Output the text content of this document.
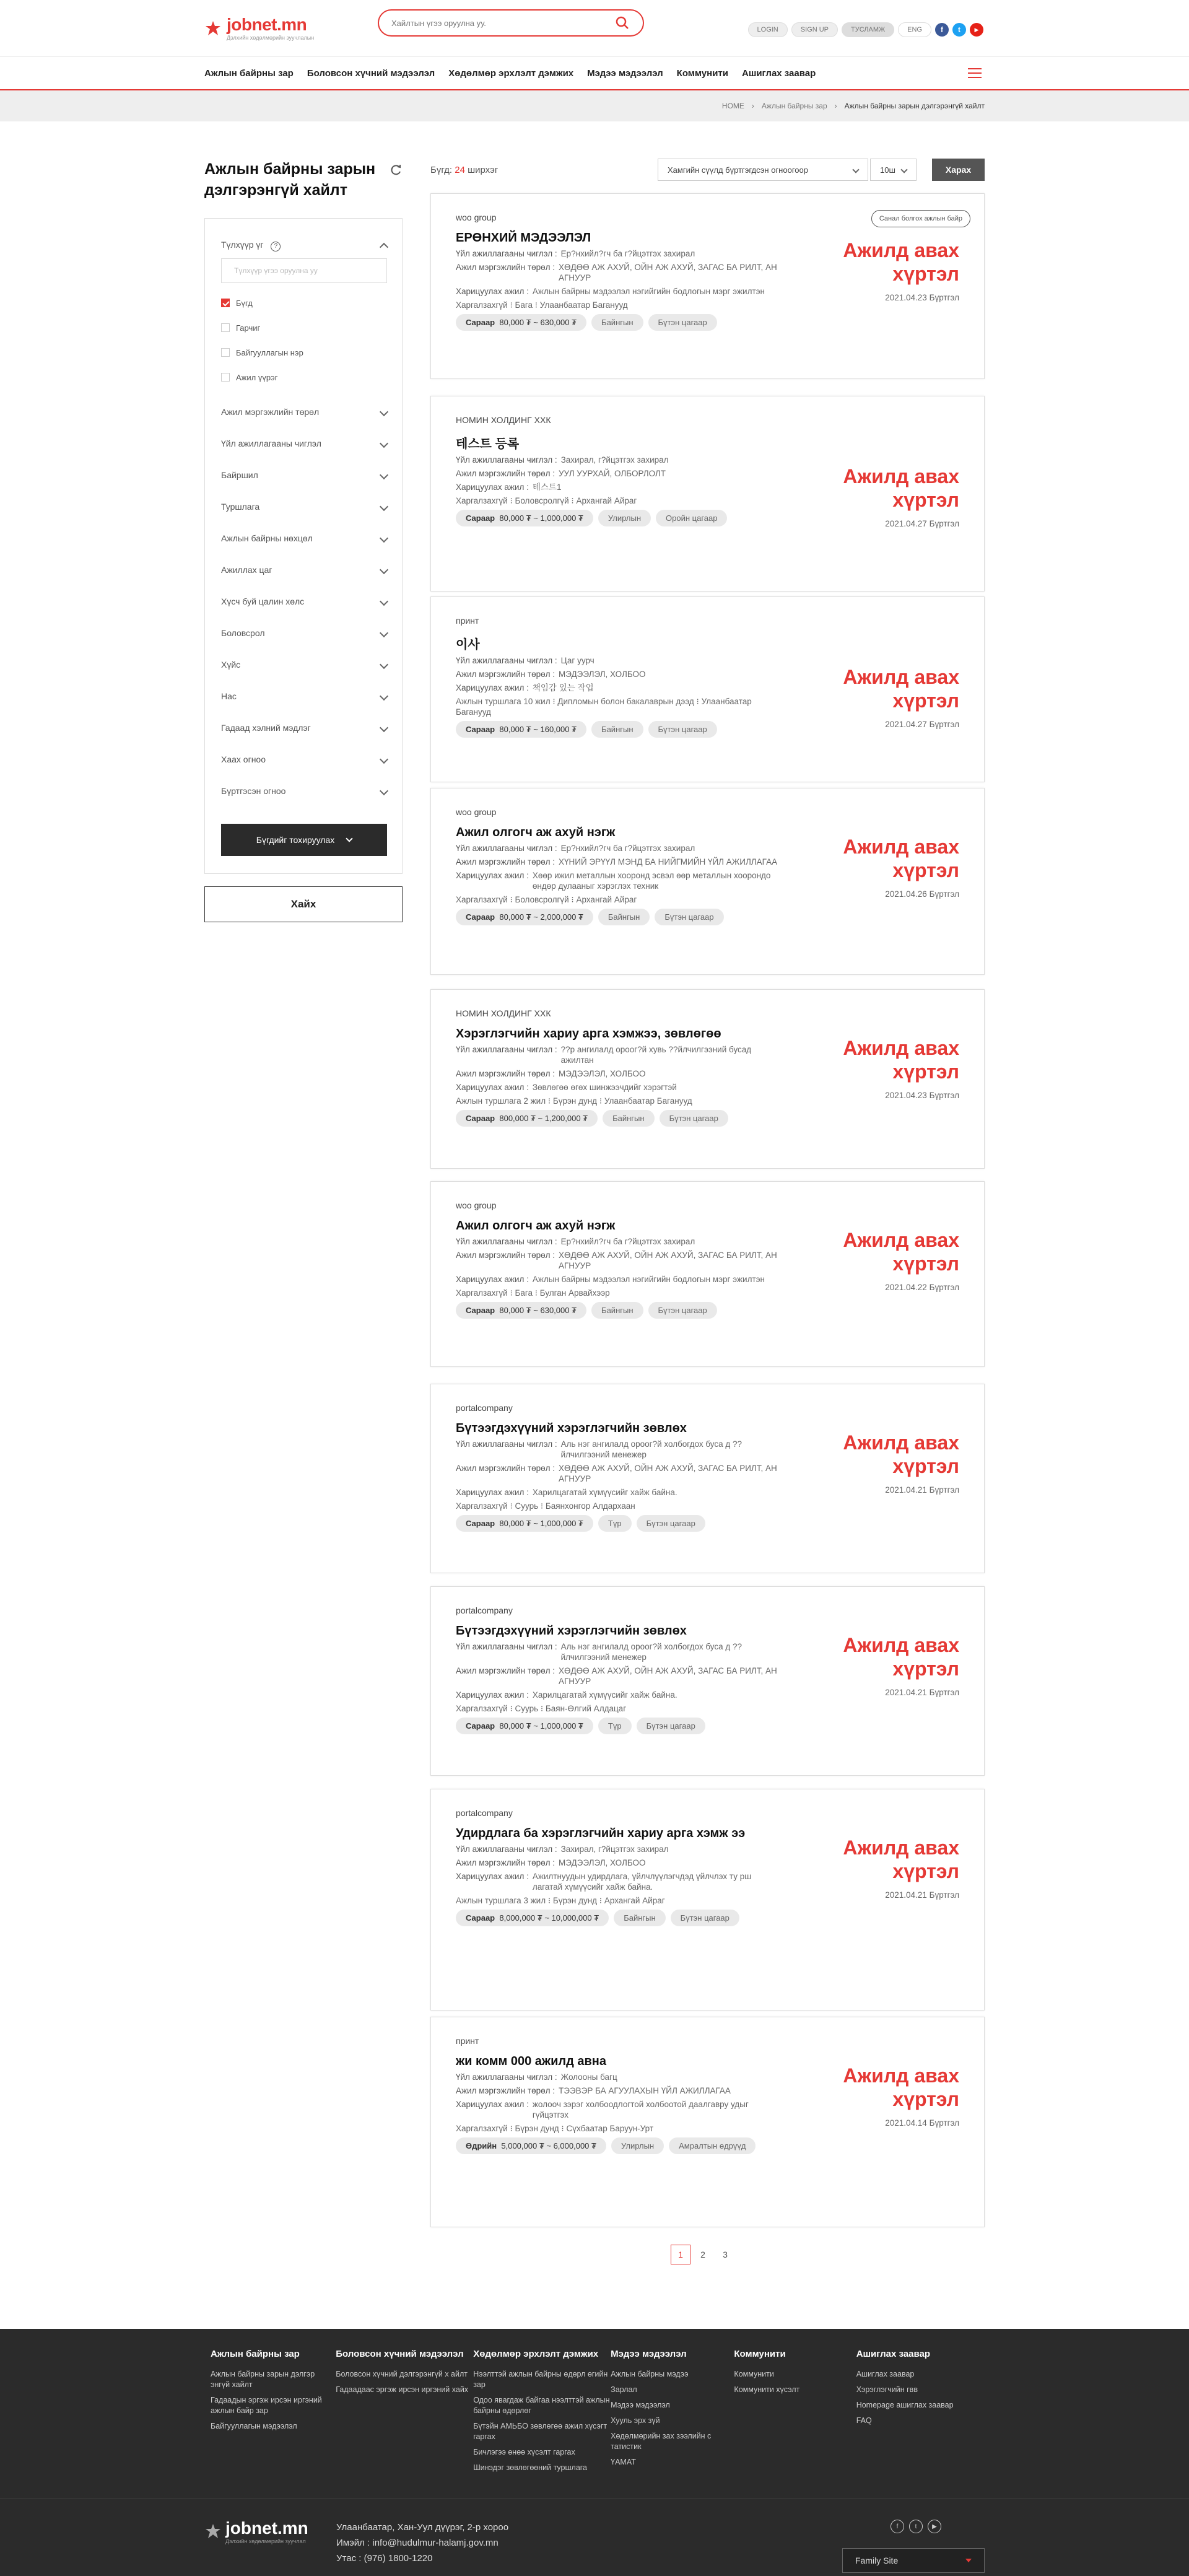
jobnet.mn
Дэлхийн хөдөлмөрийн зуучлалын
Хайлтын үгээ оруулна уу.
LOGIN	SIGN UP	ТУСЛАМЖ	ENG	f	t	▶
Ажлын байрны зар Боловсон хүчний мэдээлэл Хөдөлмөр эрхлэлт дэмжих Мэдээ мэдээлэл Коммунити Ашиглах заавар
HOME › Ажлын байрны зар › Ажлын байрны зарын дэлгэрэнгүй хайлт
Ажлын байрны зарын дэлгэрэнгүй хайлт
Түлхүүр үг ?
Түлхүүр үгээ оруулна уу
Бүгд
Гарчиг
Байгууллагын нэр
Ажил үүрэг
Ажил мэргэжлийн төрөл
Үйл ажиллагааны чиглэл
Байршил
Туршлага
Ажлын байрны нөхцөл
Ажиллах цаг
Хүсч буй цалин хөлс
Боловсрол
Хүйс
Нас
Гадаад хэлний мэдлэг
Хаах огноо
Бүртгэсэн огноо
Бүгдийг тохируулах
Хайх
Бүгд: 24 ширхэг	Хамгийн сүүлд бүртгэгдсэн огноогоор	10ш	Харах
Санал болгох ажлын байр
woo group
ЕРӨНХИЙ МЭДЭЭЛЭЛ
Үйл ажиллагааны чиглэл : Ер?нхийл?гч ба г?йцэтгэх захирал
Ажил мэргэжлийн төрөл : ХӨДӨӨ АЖ АХУЙ, ОЙН АЖ АХУЙ, ЗАГАС БА РИЛТ, АН АГНУУР
Харицуулах ажил : Ажлын байрны мэдээлэл нэгийгийн бодлогын мэрг эжилтэн
Харгалзахгүй ⁝ Бага ⁝ Улаанбаатар Баганууд
Сараар 80,000 ₮ ~ 630,000 ₮	Байнгын	Бүтэн цагаар
Ажилд авах хүртэл
2021.04.23 Бүртгэл
НОМИН ХОЛДИНГ ХХК
테스트 등록
Үйл ажиллагааны чиглэл : Захирал, г?йцэтгэх захирал
Ажил мэргэжлийн төрөл : УУЛ УУРХАЙ, ОЛБОРЛОЛТ
Харицуулах ажил : 테스트1
Харгалзахгүй ⁝ Боловсролгүй ⁝ Архангай Айраг
Сараар 80,000 ₮ ~ 1,000,000 ₮	Улирлын	Оройн цагаар
Ажилд авах хүртэл
2021.04.27 Бүртгэл
принт
이사
Үйл ажиллагааны чиглэл : Цаг уурч
Ажил мэргэжлийн төрөл : МЭДЭЭЛЭЛ, ХОЛБОО
Харицуулах ажил : 책임감 있는 작업
Ажлын туршлага 10 жил ⁝ Дипломын болон бакалаврын дээд ⁝ Улаанбаатар Баганууд
Сараар 80,000 ₮ ~ 160,000 ₮	Байнгын	Бүтэн цагаар
Ажилд авах хүртэл
2021.04.27 Бүртгэл
woo group
Ажил олгогч аж ахуй нэгж
Үйл ажиллагааны чиглэл : Ер?нхийл?гч ба г?йцэтгэх захирал
Ажил мэргэжлийн төрөл : ХҮНИЙ ЭРҮҮЛ МЭНД БА НИЙГМИЙН ҮЙЛ АЖИЛЛАГАА
Харицуулах ажил : Хөөр ижил металлын хооронд эсвэл өөр металлын хоорондо өндөр дулааныг хэрэглэх техник
Харгалзахгүй ⁝ Боловсролгүй ⁝ Архангай Айраг
Сараар 80,000 ₮ ~ 2,000,000 ₮	Байнгын	Бүтэн цагаар
Ажилд авах хүртэл
2021.04.26 Бүртгэл
НОМИН ХОЛДИНГ ХХК
Хэрэглэгчийн хариу арга хэмжээ, зөвлөгөө
Үйл ажиллагааны чиглэл : ??р ангилалд ороог?й хувь ??йлчилгээний бусад ажилтан
Ажил мэргэжлийн төрөл : МЭДЭЭЛЭЛ, ХОЛБОО
Харицуулах ажил : Зөвлөгөө өгөх шинжээчдийг хэрэгтэй
Ажлын туршлага 2 жил ⁝ Бүрэн дунд ⁝ Улаанбаатар Баганууд
Сараар 800,000 ₮ ~ 1,200,000 ₮	Байнгын	Бүтэн цагаар
Ажилд авах хүртэл
2021.04.23 Бүртгэл
woo group
Ажил олгогч аж ахуй нэгж
Үйл ажиллагааны чиглэл : Ер?нхийл?гч ба г?йцэтгэх захирал
Ажил мэргэжлийн төрөл : ХӨДӨӨ АЖ АХУЙ, ОЙН АЖ АХУЙ, ЗАГАС БА РИЛТ, АН АГНУУР
Харицуулах ажил : Ажлын байрны мэдээлэл нэгийгийн бодлогын мэрг эжилтэн
Харгалзахгүй ⁝ Бага ⁝ Булган Арвайхээр
Сараар 80,000 ₮ ~ 630,000 ₮	Байнгын	Бүтэн цагаар
Ажилд авах хүртэл
2021.04.22 Бүртгэл
portalcompany
Бүтээгдэхүүний хэрэглэгчийн зөвлөх
Үйл ажиллагааны чиглэл : Аль нэг ангилалд ороог?й холбогдох буса д ??йлчилгээний менежер
Ажил мэргэжлийн төрөл : ХӨДӨӨ АЖ АХУЙ, ОЙН АЖ АХУЙ, ЗАГАС БА РИЛТ, АН АГНУУР
Харицуулах ажил : Харилцагатай хүмүүсийг хайж байна.
Харгалзахгүй ⁝ Суурь ⁝ Баянхонгор Алдархаан
Сараар 80,000 ₮ ~ 1,000,000 ₮	Түр	Бүтэн цагаар
Ажилд авах хүртэл
2021.04.21 Бүртгэл
portalcompany
Бүтээгдэхүүний хэрэглэгчийн зөвлөх
Үйл ажиллагааны чиглэл : Аль нэг ангилалд ороог?й холбогдох буса д ??йлчилгээний менежер
Ажил мэргэжлийн төрөл : ХӨДӨӨ АЖ АХУЙ, ОЙН АЖ АХУЙ, ЗАГАС БА РИЛТ, АН АГНУУР
Харицуулах ажил : Харилцагатай хүмүүсийг хайж байна.
Харгалзахгүй ⁝ Суурь ⁝ Баян-Өлгий Алдацаг
Сараар 80,000 ₮ ~ 1,000,000 ₮	Түр	Бүтэн цагаар
Ажилд авах хүртэл
2021.04.21 Бүртгэл
portalcompany
Удирдлага ба хэрэглэгчийн хариу арга хэмж ээ
Үйл ажиллагааны чиглэл : Захирал, г?йцэтгэх захирал
Ажил мэргэжлийн төрөл : МЭДЭЭЛЭЛ, ХОЛБОО
Харицуулах ажил : Ажилтнуудын удирдлага, үйлчлүүлэгчдэд үйлчлэх ту рш лагатай хүмүүсийг хайж байна.
Ажлын туршлага 3 жил ⁝ Бүрэн дунд ⁝ Архангай Айраг
Сараар 8,000,000 ₮ ~ 10,000,000 ₮	Байнгын	Бүтэн цагаар
Ажилд авах хүртэл
2021.04.21 Бүртгэл
принт
жи комм 000 ажилд авна
Үйл ажиллагааны чиглэл : Жолооны багц
Ажил мэргэжлийн төрөл : ТЭЭВЭР БА АГУУЛАХЫН ҮЙЛ АЖИЛЛАГАА
Харицуулах ажил : жолооч зэрэг холбоодлогтой холбоотой даалгавру удыг гүйцэтгэх
Харгалзахгүй ⁝ Бүрэн дунд ⁝ Сүхбаатар Баруун-Урт
Өдрийн 5,000,000 ₮ ~ 6,000,000 ₮	Улирлын	Амралтын өдрүүд
Ажилд авах хүртэл
2021.04.14 Бүртгэл
1	2	3
Ажлын байрны зар
Ажлын байрны зарын дэлгэр энгүй хайлт
Гадаадын эргэж ирсэн иргэний ажлын байр зар
Байгууллагын мэдээлэл
Боловсон хүчний мэдээлэл
Боловсон хүчний дэлгэрэнгүй х айлт
Гадаадаас эргэж ирсэн иргэний хайх
Хөдөлмөр эрхлэлт дэмжих
Нээлттэй ажлын байрны өдөрл өгийн зар
Одоо явагдаж байгаа нээлттэй ажлын байрны өдөрлөг
Бүтэйн АМЬБО зөвлөгөө ажил хүсэгт гаргах
Бичлэгээ өнөө хүсэлт гаргах
Шинэдэг зөвлөгөөний туршлага
Мэдээ мэдээлэл
Ажлын байрны мэдээ
Зарлал
Мэдээ мэдээлэл
Хууль эрх зүй
Хөдөлмөрийн зах зээлийн с татистик
ҮАМАТ
Коммунити
Коммунити
Коммунити хүсэлт
Ашиглах заавар
Ашиглах заавар
Хэрэглэгчийн гвв
Homepage ашиглах заавар
FAQ
jobnet.mn
Дэлхийн хөдөлмөрийн зуучлал
Улаанбаатар, Хан-Уул дүүрэг, 2-р хороо
Имэйл : info@hudulmur-halamj.gov.mn
Утас : (976) 1800-1220
f	t	▶
Family Site
